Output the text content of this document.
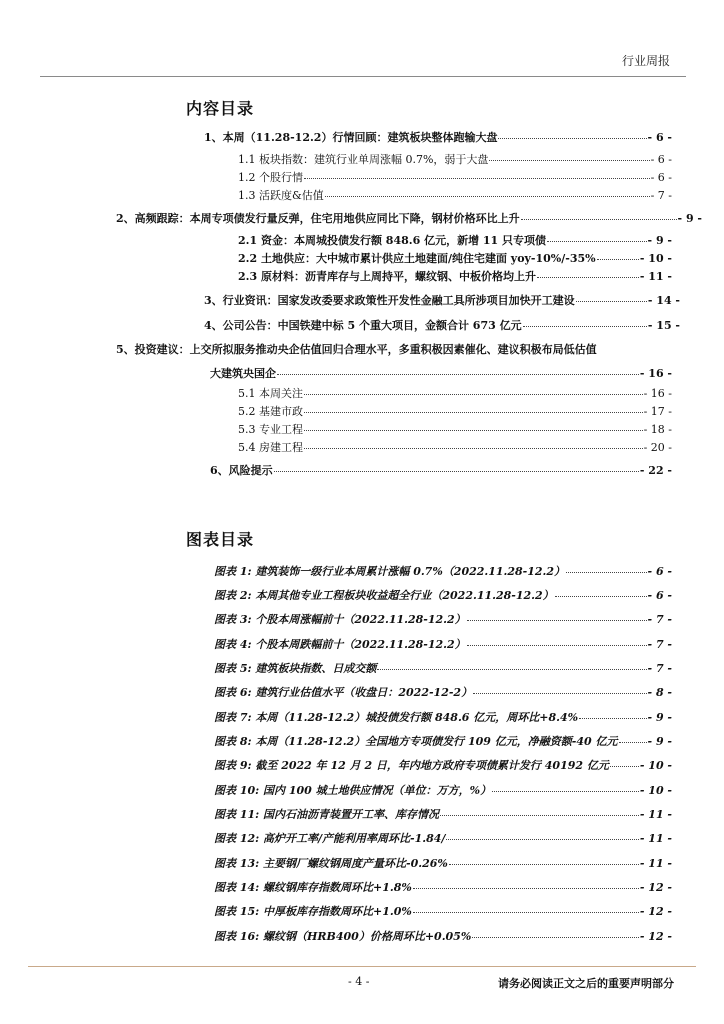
行业周报
内容目录
1、本周（11.28-12.2）行情回顾：建筑板块整体跑输大盘	- 6 -
1.1 板块指数：建筑行业单周涨幅 0.7%，弱于大盘	- 6 -
1.2 个股行情	- 6 -
1.3 活跃度&估值	- 7 -
2、高频跟踪：本周专项债发行量反弹，住宅用地供应同比下降，钢材价格环比上升	- 9 -
2.1 资金：本周城投债发行额 848.6 亿元，新增 11 只专项债	- 9 -
2.2 土地供应：大中城市累计供应土地建面/纯住宅建面 yoy-10%/-35%	- 10 -
2.3 原材料：沥青库存与上周持平，螺纹钢、中板价格均上升	- 11 -
3、行业资讯：国家发改委要求政策性开发性金融工具所涉项目加快开工建设	- 14 -
4、公司公告：中国铁建中标 5 个重大项目，金额合计 673 亿元	- 15 -
5、投资建议：上交所拟服务推动央企估值回归合理水平，多重积极因素催化、建议积极布局低估值
大建筑央国企	- 16 -
5.1 本周关注	- 16 -
5.2 基建市政	- 17 -
5.3 专业工程	- 18 -
5.4 房建工程	- 20 -
6、风险提示	- 22 -
图表目录
图表 1: 建筑装饰一级行业本周累计涨幅 0.7%（2022.11.28-12.2）	- 6 -
图表 2: 本周其他专业工程板块收益超全行业（2022.11.28-12.2）	- 6 -
图表 3: 个股本周涨幅前十（2022.11.28-12.2）	- 7 -
图表 4: 个股本周跌幅前十（2022.11.28-12.2）	- 7 -
图表 5: 建筑板块指数、日成交额	- 7 -
图表 6: 建筑行业估值水平（收盘日：2022-12-2）	- 8 -
图表 7: 本周（11.28-12.2）城投债发行额 848.6 亿元，周环比+8.4%	- 9 -
图表 8: 本周（11.28-12.2）全国地方专项债发行 109 亿元，净融资额-40 亿元	- 9 -
图表 9: 截至 2022 年 12 月 2 日，年内地方政府专项债累计发行 40192 亿元	- 10 -
图表 10: 国内 100 城土地供应情况（单位：万方，%）	- 10 -
图表 11: 国内石油沥青装置开工率、库存情况	- 11 -
图表 12: 高炉开工率/产能利用率周环比-1.84/	- 11 -
图表 13: 主要钢厂螺纹钢周度产量环比-0.26%	- 11 -
图表 14: 螺纹钢库存指数周环比+1.8%	- 12 -
图表 15: 中厚板库存指数周环比+1.0%	- 12 -
图表 16: 螺纹钢（HRB400）价格周环比+0.05%	- 12 -
- 4 -	请务必阅读正文之后的重要声明部分
